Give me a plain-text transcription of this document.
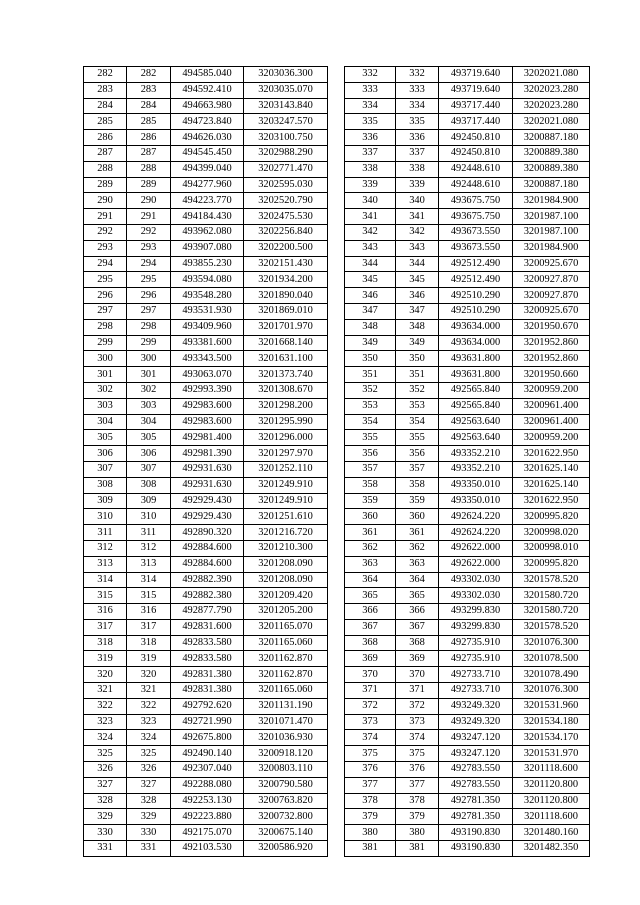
282	282	494585.040	3203036.300
283	283	494592.410	3203035.070
284	284	494663.980	3203143.840
285	285	494723.840	3203247.570
286	286	494626.030	3203100.750
287	287	494545.450	3202988.290
288	288	494399.040	3202771.470
289	289	494277.960	3202595.030
290	290	494223.770	3202520.790
291	291	494184.430	3202475.530
292	292	493962.080	3202256.840
293	293	493907.080	3202200.500
294	294	493855.230	3202151.430
295	295	493594.080	3201934.200
296	296	493548.280	3201890.040
297	297	493531.930	3201869.010
298	298	493409.960	3201701.970
299	299	493381.600	3201668.140
300	300	493343.500	3201631.100
301	301	493063.070	3201373.740
302	302	492993.390	3201308.670
303	303	492983.600	3201298.200
304	304	492983.600	3201295.990
305	305	492981.400	3201296.000
306	306	492981.390	3201297.970
307	307	492931.630	3201252.110
308	308	492931.630	3201249.910
309	309	492929.430	3201249.910
310	310	492929.430	3201251.610
311	311	492890.320	3201216.720
312	312	492884.600	3201210.300
313	313	492884.600	3201208.090
314	314	492882.390	3201208.090
315	315	492882.380	3201209.420
316	316	492877.790	3201205.200
317	317	492831.600	3201165.070
318	318	492833.580	3201165.060
319	319	492833.580	3201162.870
320	320	492831.380	3201162.870
321	321	492831.380	3201165.060
322	322	492792.620	3201131.190
323	323	492721.990	3201071.470
324	324	492675.800	3201036.930
325	325	492490.140	3200918.120
326	326	492307.040	3200803.110
327	327	492288.080	3200790.580
328	328	492253.130	3200763.820
329	329	492223.880	3200732.800
330	330	492175.070	3200675.140
331	331	492103.530	3200586.920
332	332	493719.640	3202021.080
333	333	493719.640	3202023.280
334	334	493717.440	3202023.280
335	335	493717.440	3202021.080
336	336	492450.810	3200887.180
337	337	492450.810	3200889.380
338	338	492448.610	3200889.380
339	339	492448.610	3200887.180
340	340	493675.750	3201984.900
341	341	493675.750	3201987.100
342	342	493673.550	3201987.100
343	343	493673.550	3201984.900
344	344	492512.490	3200925.670
345	345	492512.490	3200927.870
346	346	492510.290	3200927.870
347	347	492510.290	3200925.670
348	348	493634.000	3201950.670
349	349	493634.000	3201952.860
350	350	493631.800	3201952.860
351	351	493631.800	3201950.660
352	352	492565.840	3200959.200
353	353	492565.840	3200961.400
354	354	492563.640	3200961.400
355	355	492563.640	3200959.200
356	356	493352.210	3201622.950
357	357	493352.210	3201625.140
358	358	493350.010	3201625.140
359	359	493350.010	3201622.950
360	360	492624.220	3200995.820
361	361	492624.220	3200998.020
362	362	492622.000	3200998.010
363	363	492622.000	3200995.820
364	364	493302.030	3201578.520
365	365	493302.030	3201580.720
366	366	493299.830	3201580.720
367	367	493299.830	3201578.520
368	368	492735.910	3201076.300
369	369	492735.910	3201078.500
370	370	492733.710	3201078.490
371	371	492733.710	3201076.300
372	372	493249.320	3201531.960
373	373	493249.320	3201534.180
374	374	493247.120	3201534.170
375	375	493247.120	3201531.970
376	376	492783.550	3201118.600
377	377	492783.550	3201120.800
378	378	492781.350	3201120.800
379	379	492781.350	3201118.600
380	380	493190.830	3201480.160
381	381	493190.830	3201482.350
